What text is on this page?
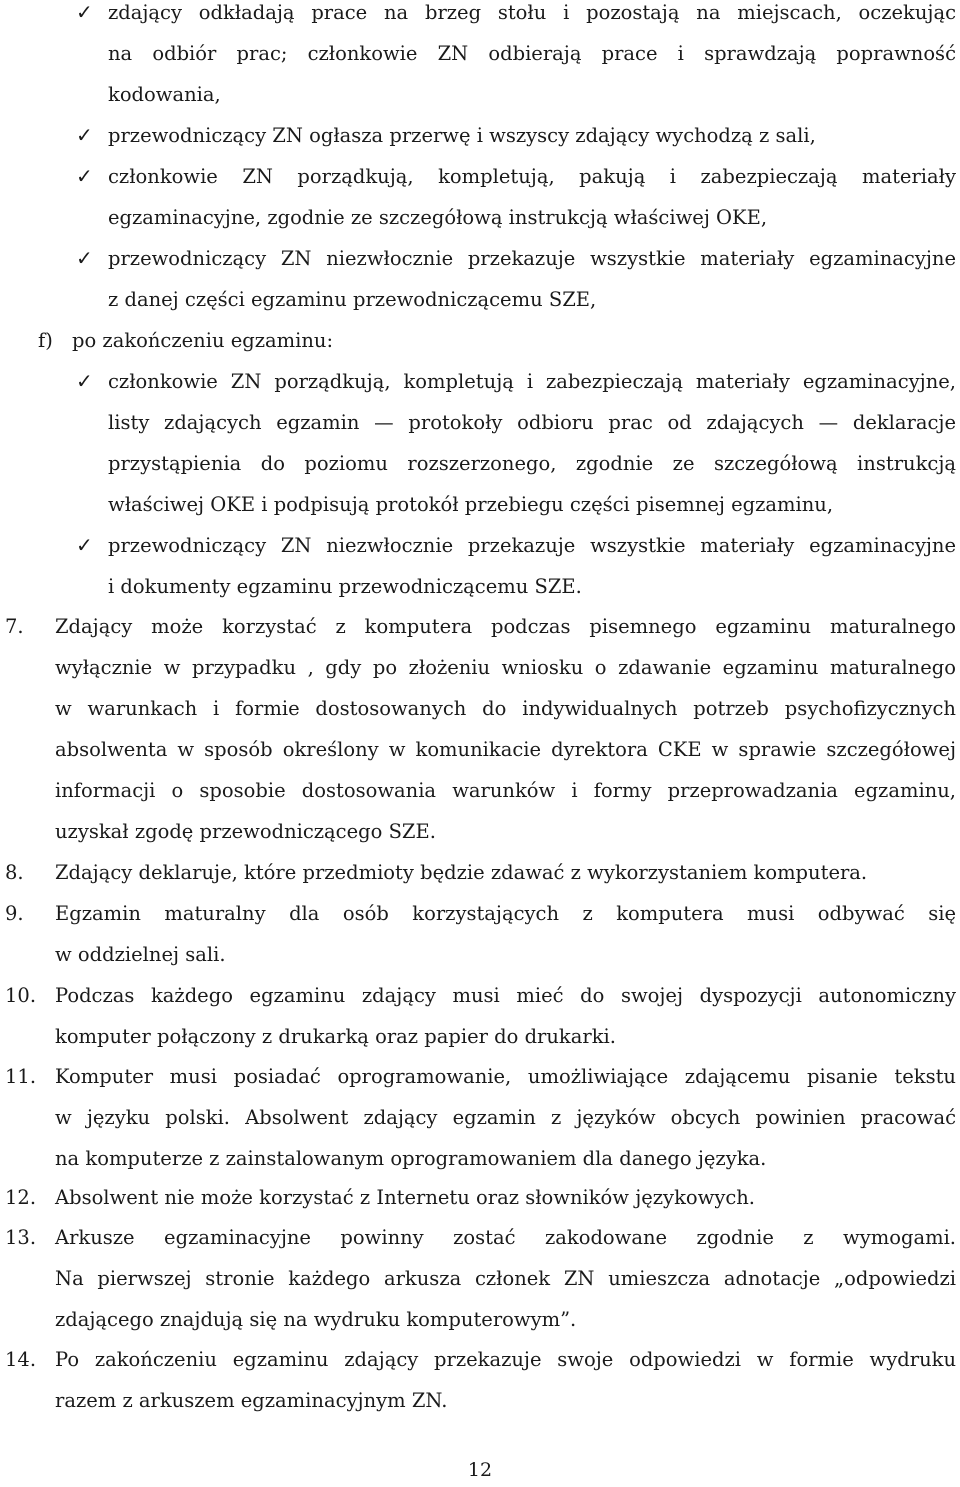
✓ zdający odkładają prace na brzeg stołu i pozostają na miejscach, oczekując
na odbiór prac; członkowie ZN odbierają prace i sprawdzają poprawność
kodowania,
✓ przewodniczący ZN ogłasza przerwę i wszyscy zdający wychodzą z sali,
✓ członkowie ZN porządkują, kompletują, pakują i zabezpieczają materiały
egzaminacyjne, zgodnie ze szczegółową instrukcją właściwej OKE,
✓ przewodniczący ZN niezwłocznie przekazuje wszystkie materiały egzaminacyjne
z danej części egzaminu przewodniczącemu SZE,
f) po zakończeniu egzaminu:
✓ członkowie ZN porządkują, kompletują i zabezpieczają materiały egzaminacyjne,
listy zdających egzamin — protokoły odbioru prac od zdających — deklaracje
przystąpienia do poziomu rozszerzonego, zgodnie ze szczegółową instrukcją
właściwej OKE i podpisują protokół przebiegu części pisemnej egzaminu,
✓ przewodniczący ZN niezwłocznie przekazuje wszystkie materiały egzaminacyjne
i dokumenty egzaminu przewodniczącemu SZE.
7. Zdający może korzystać z komputera podczas pisemnego egzaminu maturalnego
wyłącznie w przypadku , gdy po złożeniu wniosku o zdawanie egzaminu maturalnego
w warunkach i formie dostosowanych do indywidualnych potrzeb psychofizycznych
absolwenta w sposób określony w komunikacie dyrektora CKE w sprawie szczegółowej
informacji o sposobie dostosowania warunków i formy przeprowadzania egzaminu,
uzyskał zgodę przewodniczącego SZE.
8. Zdający deklaruje, które przedmioty będzie zdawać z wykorzystaniem komputera.
9. Egzamin maturalny dla osób korzystających z komputera musi odbywać się
w oddzielnej sali.
10. Podczas każdego egzaminu zdający musi mieć do swojej dyspozycji autonomiczny
komputer połączony z drukarką oraz papier do drukarki.
11. Komputer musi posiadać oprogramowanie, umożliwiające zdającemu pisanie tekstu
w języku polski. Absolwent zdający egzamin z języków obcych powinien pracować
na komputerze z zainstalowanym oprogramowaniem dla danego języka.
12. Absolwent nie może korzystać z Internetu oraz słowników językowych.
13. Arkusze egzaminacyjne powinny zostać zakodowane zgodnie z wymogami.
Na pierwszej stronie każdego arkusza członek ZN umieszcza adnotacje „odpowiedzi
zdającego znajdują się na wydruku komputerowym”.
14. Po zakończeniu egzaminu zdający przekazuje swoje odpowiedzi w formie wydruku
razem z arkuszem egzaminacyjnym ZN.
12
